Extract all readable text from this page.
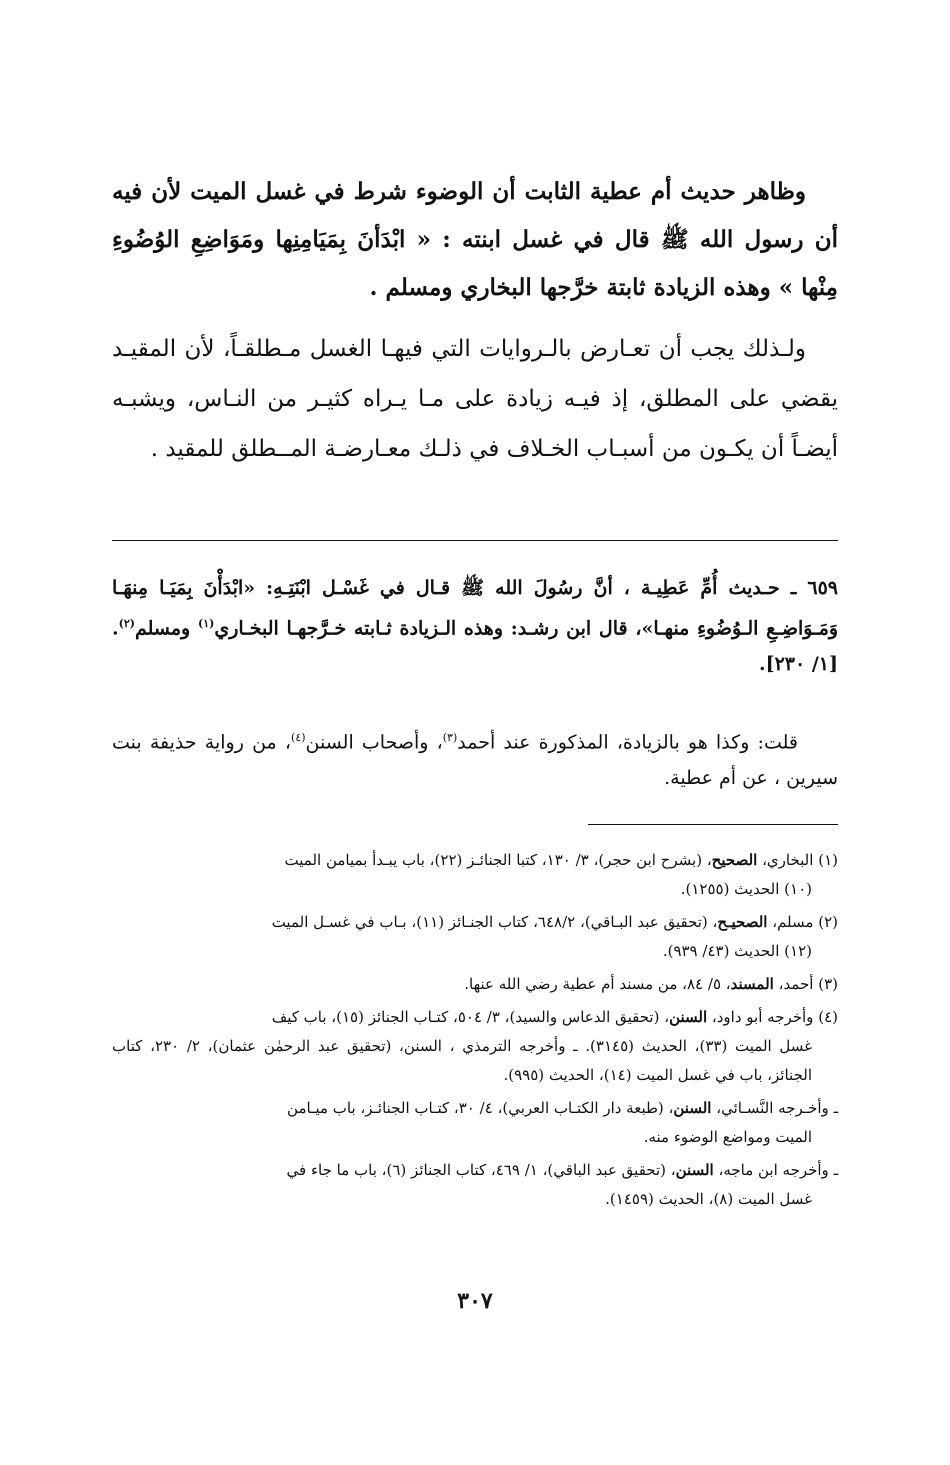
وظاهر حديث أم عطية الثابت أن الوضوء شرط في غسل الميت لأن فيه أن رسول الله ﷺ قال في غسل ابنته : « ابْدَأنَ بِمَيَامِنِها ومَوَاضِعِ الوُضُوءِ مِنْها » وهذه الزيادة ثابتة خرَّجها البخاري ومسلم .

ولـذلك يجب أن تعـارض بالـروايات التي فيهـا الغسل مـطلقـاً، لأن المقيـد يقضي على المطلق، إذ فيـه زيادة على مـا يـراه كثيـر من النـاس، ويشبـه أيضـاً أن يكـون من أسبـاب الخـلاف في ذلـك معـارضـة المــطلق للمقيد .

٦٥٩ ـ حـديث أُمِّ عَطِيـة ، أنَّ رسُولَ الله ﷺ قـال في غَسْـل ابْنَتِـهِ: «ابْدَأْنَ بِمَيَـا مِنهَـا وَمَـوَاضِـعِ الـوُضُوءِ منهـا»، قال ابن رشـد: وهذه الـزيادة ثـابته خـرَّجهـا البخـاري$^{(١)}$ ومسلم$^{(٢)}$. [١/ ٢٣٠].

قلت: وكذا هو بالزيادة، المذكورة عند أحمد$^{(٣)}$، وأصحاب السنن$^{(٤)}$، من رواية حذيفة بنت سيرين ، عن أم عطية.

(١) البخاري، الصحيح، (بشرح ابن حجر)، ٣/ ١٣٠، كتبا الجنائـز (٢٢)، باب يبـدأ بميامن الميت
(١٠) الحديث (١٢٥٥).

(٢) مسلم، الصحيـح، (تحقيق عبد البـاقي)، ٦٤٨/٢، كتاب الجنـائز (١١)، بـاب في غسـل الميت
(١٢) الحديث (٤٣/ ٩٣٩).

(٣) أحمد، المسند، ٥/ ٨٤، من مسند أم عطية رضي الله عنها.

(٤) وأخرجه أبو داود، السنن، (تحقيق الدعاس والسيد)، ٣/ ٥٠٤، كتـاب الجنائز (١٥)، باب كيف
غسل الميت (٣٣)، الحديث (٣١٤٥). ـ وأخرجه الترمذي ، السنن، (تحقيق عبد الرحمٰن عثمان)، ٢/ ٢٣٠، كتاب الجنائز، باب في غسل الميت (١٤)، الحديث (٩٩٥).

ـ وأخـرجه النَّسـائي، السنن، (طبعة دار الكتـاب العربي)، ٤/ ٣٠، كتـاب الجنائـز، باب ميـامن
الميت ومواضع الوضوء منه.

ـ وأخرجه ابن ماجه، السنن، (تحقيق عبد الباقي)، ١/ ٤٦٩، كتاب الجنائز (٦)، باب ما جاء في
غسل الميت (٨)، الحديث (١٤٥٩).

٣٠٧
